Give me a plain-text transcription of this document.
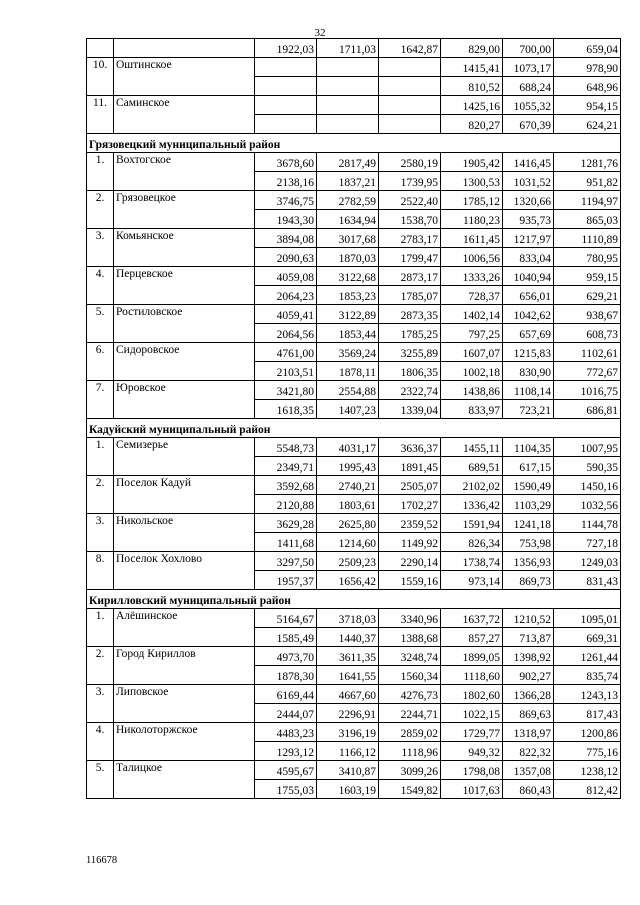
32
		1922,03	1711,03	1642,87	829,00	700,00	659,04
10.	Оштинское				1415,41	1073,17	978,90
					810,52	688,24	648,96
11.	Саминское				1425,16	1055,32	954,15
					820,27	670,39	624,21
Грязовецкий муниципальный район							
1.	Вохтогское	3678,60	2817,49	2580,19	1905,42	1416,45	1281,76
		2138,16	1837,21	1739,95	1300,53	1031,52	951,82
2.	Грязовецкое	3746,75	2782,59	2522,40	1785,12	1320,66	1194,97
		1943,30	1634,94	1538,70	1180,23	935,73	865,03
3.	Комьянское	3894,08	3017,68	2783,17	1611,45	1217,97	1110,89
		2090,63	1870,03	1799,47	1006,56	833,04	780,95
4.	Перцевское	4059,08	3122,68	2873,17	1333,26	1040,94	959,15
		2064,23	1853,23	1785,07	728,37	656,01	629,21
5.	Ростиловское	4059,41	3122,89	2873,35	1402,14	1042,62	938,67
		2064,56	1853,44	1785,25	797,25	657,69	608,73
6.	Сидоровское	4761,00	3569,24	3255,89	1607,07	1215,83	1102,61
		2103,51	1878,11	1806,35	1002,18	830,90	772,67
7.	Юровское	3421,80	2554,88	2322,74	1438,86	1108,14	1016,75
		1618,35	1407,23	1339,04	833,97	723,21	686,81
Кадуйский муниципальный район							
1.	Семизерье	5548,73	4031,17	3636,37	1455,11	1104,35	1007,95
		2349,71	1995,43	1891,45	689,51	617,15	590,35
2.	Поселок Кадуй	3592,68	2740,21	2505,07	2102,02	1590,49	1450,16
		2120,88	1803,61	1702,27	1336,42	1103,29	1032,56
3.	Никольское	3629,28	2625,80	2359,52	1591,94	1241,18	1144,78
		1411,68	1214,60	1149,92	826,34	753,98	727,18
8.	Поселок Хохлово	3297,50	2509,23	2290,14	1738,74	1356,93	1249,03
		1957,37	1656,42	1559,16	973,14	869,73	831,43
Кирилловский муниципальный район							
1.	Алёшинское	5164,67	3718,03	3340,96	1637,72	1210,52	1095,01
		1585,49	1440,37	1388,68	857,27	713,87	669,31
2.	Город Кириллов	4973,70	3611,35	3248,74	1899,05	1398,92	1261,44
		1878,30	1641,55	1560,34	1118,60	902,27	835,74
3.	Липовское	6169,44	4667,60	4276,73	1802,60	1366,28	1243,13
		2444,07	2296,91	2244,71	1022,15	869,63	817,43
4.	Николоторжское	4483,23	3196,19	2859,02	1729,77	1318,97	1200,86
		1293,12	1166,12	1118,96	949,32	822,32	775,16
5.	Талицкое	4595,67	3410,87	3099,26	1798,08	1357,08	1238,12
		1755,03	1603,19	1549,82	1017,63	860,43	812,42
116678
